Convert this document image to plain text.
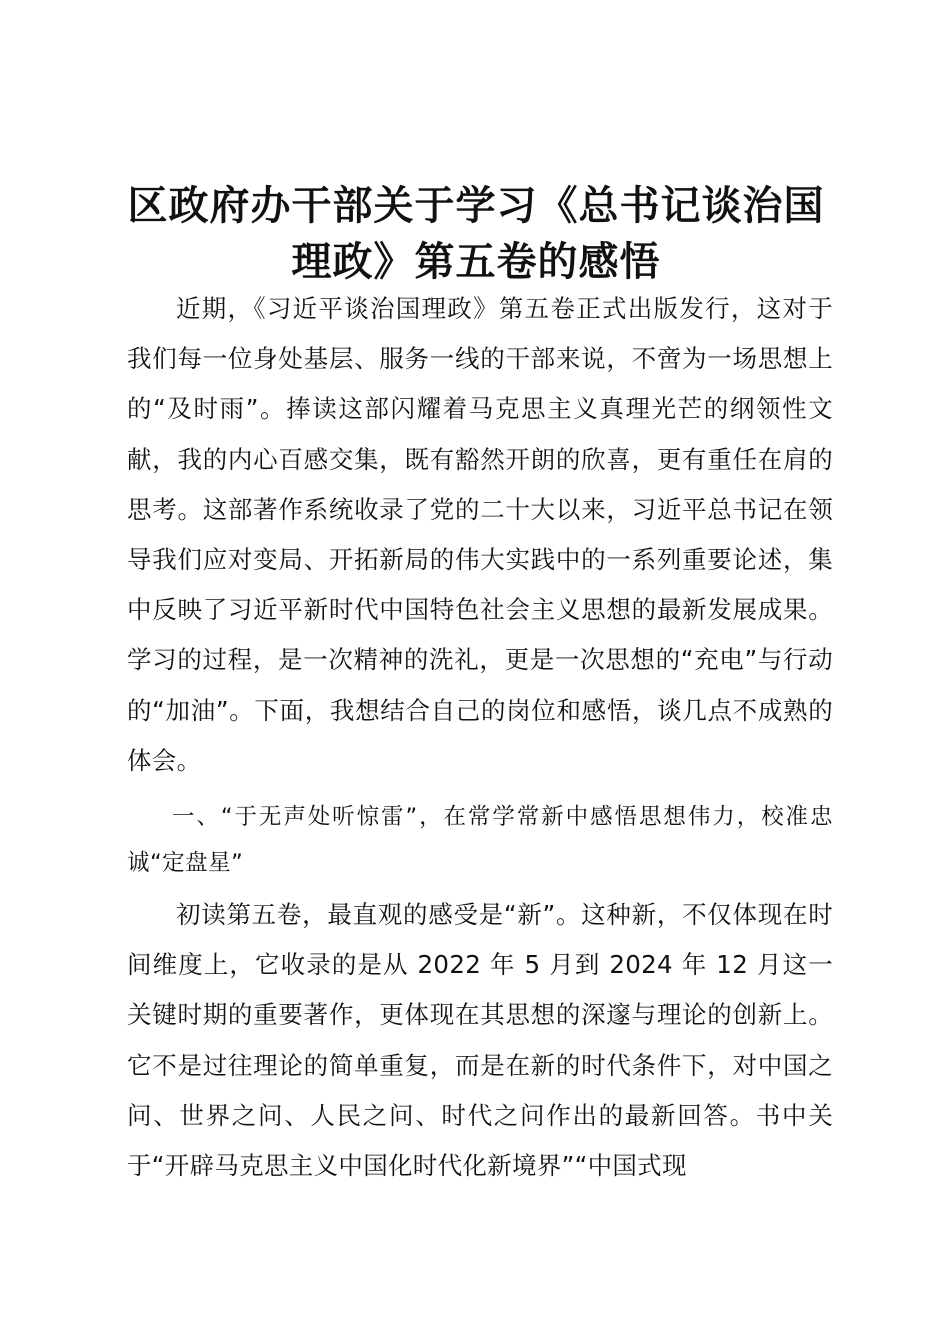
区政府办干部关于学习《总书记谈治国理政》第五卷的感悟

近期，《习近平谈治国理政》第五卷正式出版发行，这对于我们每一位身处基层、服务一线的干部来说，不啻为一场思想上的“及时雨”。捧读这部闪耀着马克思主义真理光芒的纲领性文献，我的内心百感交集，既有豁然开朗的欣喜，更有重任在肩的思考。这部著作系统收录了党的二十大以来，习近平总书记在领导我们应对变局、开拓新局的伟大实践中的一系列重要论述，集中反映了习近平新时代中国特色社会主义思想的最新发展成果。学习的过程，是一次精神的洗礼，更是一次思想的“充电”与行动的“加油”。下面，我想结合自己的岗位和感悟，谈几点不成熟的体会。

一、“于无声处听惊雷”，在常学常新中感悟思想伟力，校准忠诚“定盘星”

初读第五卷，最直观的感受是“新”。这种新，不仅体现在时间维度上，它收录的是从 2022 年 5 月到 2024 年 12 月这一关键时期的重要著作，更体现在其思想的深邃与理论的创新上。它不是过往理论的简单重复，而是在新的时代条件下，对中国之问、世界之问、人民之问、时代之问作出的最新回答。书中关于“开辟马克思主义中国化时代化新境界”“中国式现
